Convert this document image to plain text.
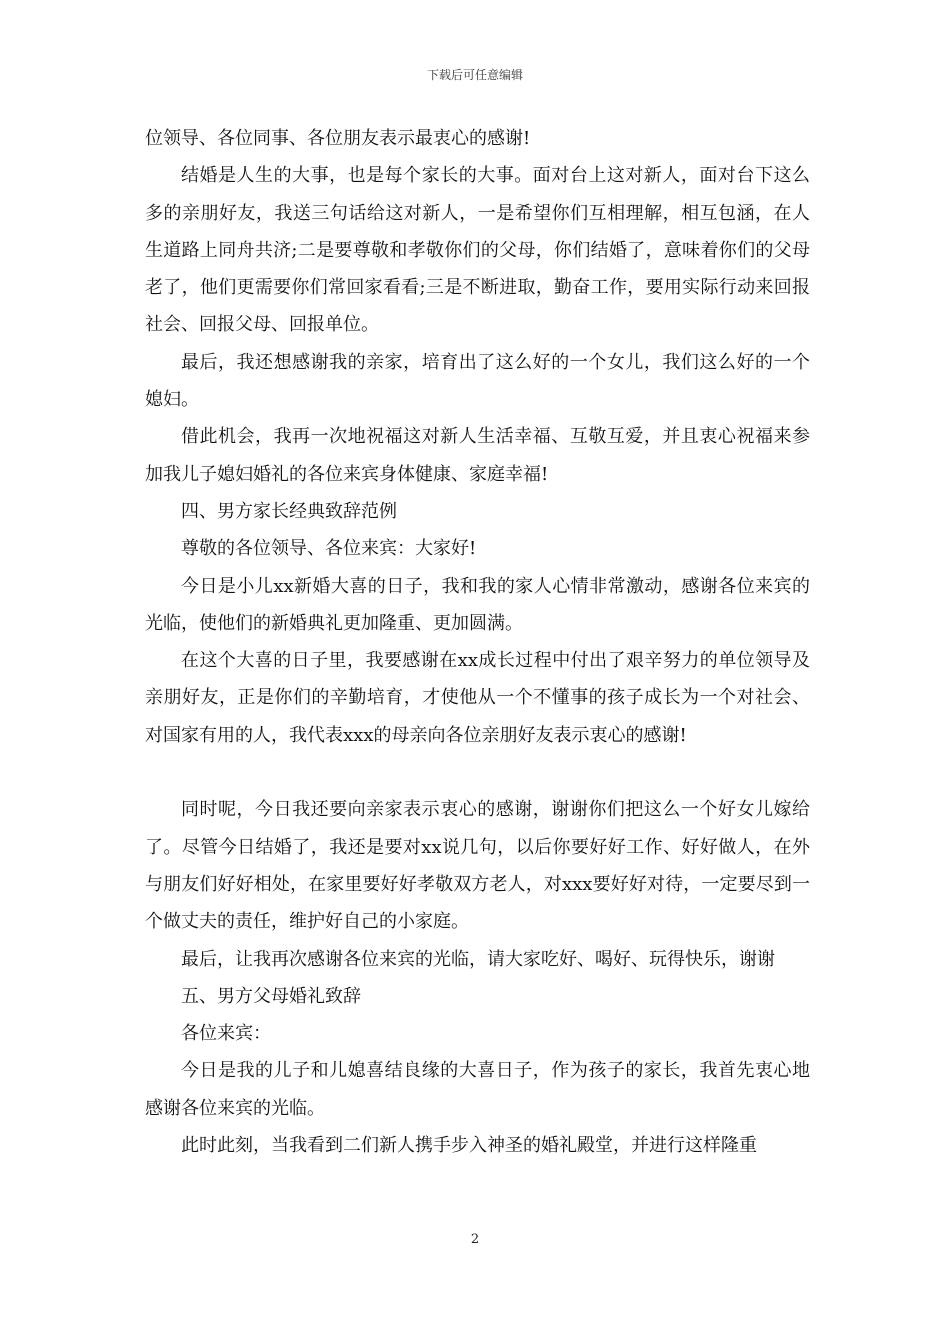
下载后可任意编辑

位领导、各位同事、各位朋友表示最衷心的感谢!

结婚是人生的大事，也是每个家长的大事。面对台上这对新人，面对台下这么多的亲朋好友，我送三句话给这对新人，一是希望你们互相理解，相互包涵，在人生道路上同舟共济;二是要尊敬和孝敬你们的父母，你们结婚了，意味着你们的父母老了，他们更需要你们常回家看看;三是不断进取，勤奋工作，要用实际行动来回报社会、回报父母、回报单位。

最后，我还想感谢我的亲家，培育出了这么好的一个女儿，我们这么好的一个媳妇。

借此机会，我再一次地祝福这对新人生活幸福、互敬互爱，并且衷心祝福来参加我儿子媳妇婚礼的各位来宾身体健康、家庭幸福!

四、男方家长经典致辞范例

尊敬的各位领导、各位来宾：大家好!

今日是小儿xx新婚大喜的日子，我和我的家人心情非常激动，感谢各位来宾的光临，使他们的新婚典礼更加隆重、更加圆满。

在这个大喜的日子里，我要感谢在xx成长过程中付出了艰辛努力的单位领导及亲朋好友，正是你们的辛勤培育，才使他从一个不懂事的孩子成长为一个对社会、对国家有用的人，我代表xxx的母亲向各位亲朋好友表示衷心的感谢!

同时呢，今日我还要向亲家表示衷心的感谢，谢谢你们把这么一个好女儿嫁给了。尽管今日结婚了，我还是要对xx说几句，以后你要好好工作、好好做人，在外与朋友们好好相处，在家里要好好孝敬双方老人，对xxx要好好对待，一定要尽到一个做丈夫的责任，维护好自己的小家庭。

最后，让我再次感谢各位来宾的光临，请大家吃好、喝好、玩得快乐，谢谢

五、男方父母婚礼致辞

各位来宾：

今日是我的儿子和儿媳喜结良缘的大喜日子，作为孩子的家长，我首先衷心地感谢各位来宾的光临。

此时此刻，当我看到二们新人携手步入神圣的婚礼殿堂，并进行这样隆重

2
